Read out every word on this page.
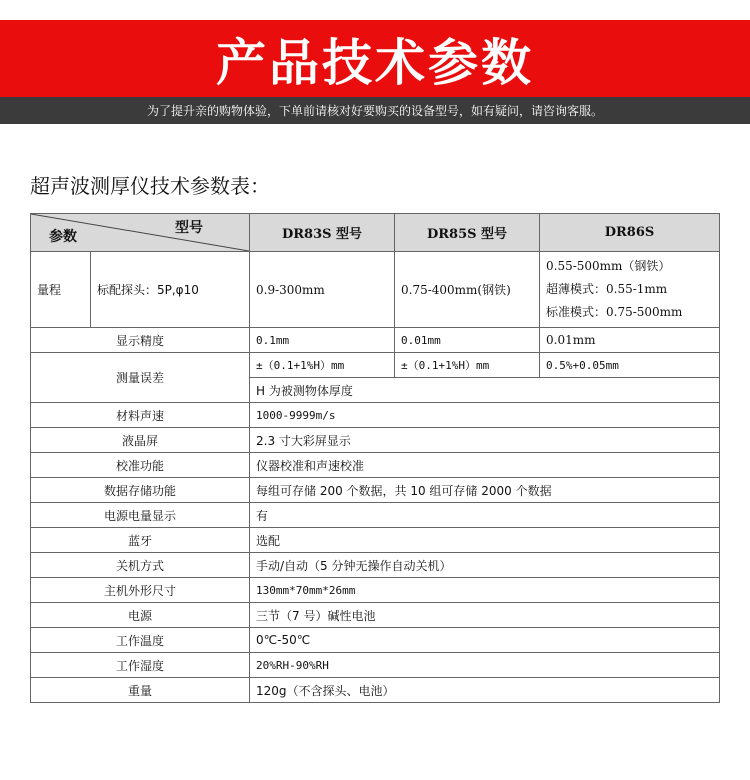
产品技术参数
为了提升亲的购物体验，下单前请核对好要购买的设备型号，如有疑问，请咨询客服。
超声波测厚仪技术参数表：
参数
型号		DR83S 型号	DR85S 型号	DR86S
量程	标配探头：5P,φ10	0.9-300mm	0.75-400mm(钢铁)	0.55-500mm（钢铁）
超薄模式：0.55-1mm
标准模式：0.75-500mm

显示精度		0.1mm	0.01mm	0.01mm
测量误差		±（0.1+1%H）mm	±（0.1+1%H）mm	0.5%+0.05mm
		H 为被测物体厚度		
材料声速		1000-9999m/s		
液晶屏		2.3 寸大彩屏显示		
校准功能		仪器校准和声速校准		
数据存储功能		每组可存储 200 个数据，共 10 组可存储 2000 个数据		
电源电量显示		有		
蓝牙		选配		
关机方式		手动/自动（5 分钟无操作自动关机）		
主机外形尺寸		130mm*70mm*26mm		
电源		三节（7 号）碱性电池		
工作温度		0℃-50℃		
工作湿度		20%RH-90%RH		
重量		120g（不含探头、电池）		
